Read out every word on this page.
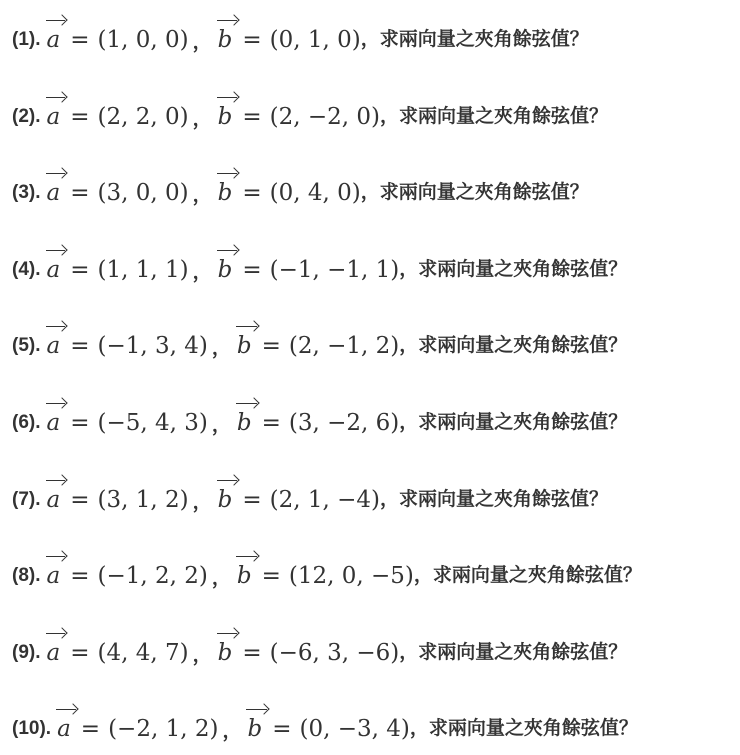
(1). a = (1, 0, 0) ， b = (0, 1, 0) ，求兩向量之夾角餘弦值？
(2). a = (2, 2, 0) ， b = (2, −2, 0) ，求兩向量之夾角餘弦值？
(3). a = (3, 0, 0) ， b = (0, 4, 0) ，求兩向量之夾角餘弦值？
(4). a = (1, 1, 1) ， b = (−1, −1, 1) ，求兩向量之夾角餘弦值？
(5). a = (−1, 3, 4) ， b = (2, −1, 2) ，求兩向量之夾角餘弦值？
(6). a = (−5, 4, 3) ， b = (3, −2, 6) ，求兩向量之夾角餘弦值？
(7). a = (3, 1, 2) ， b = (2, 1, −4) ，求兩向量之夾角餘弦值？
(8). a = (−1, 2, 2) ， b = (12, 0, −5) ，求兩向量之夾角餘弦值？
(9). a = (4, 4, 7) ， b = (−6, 3, −6) ，求兩向量之夾角餘弦值？
(10). a = (−2, 1, 2) ， b = (0, −3, 4) ，求兩向量之夾角餘弦值？
